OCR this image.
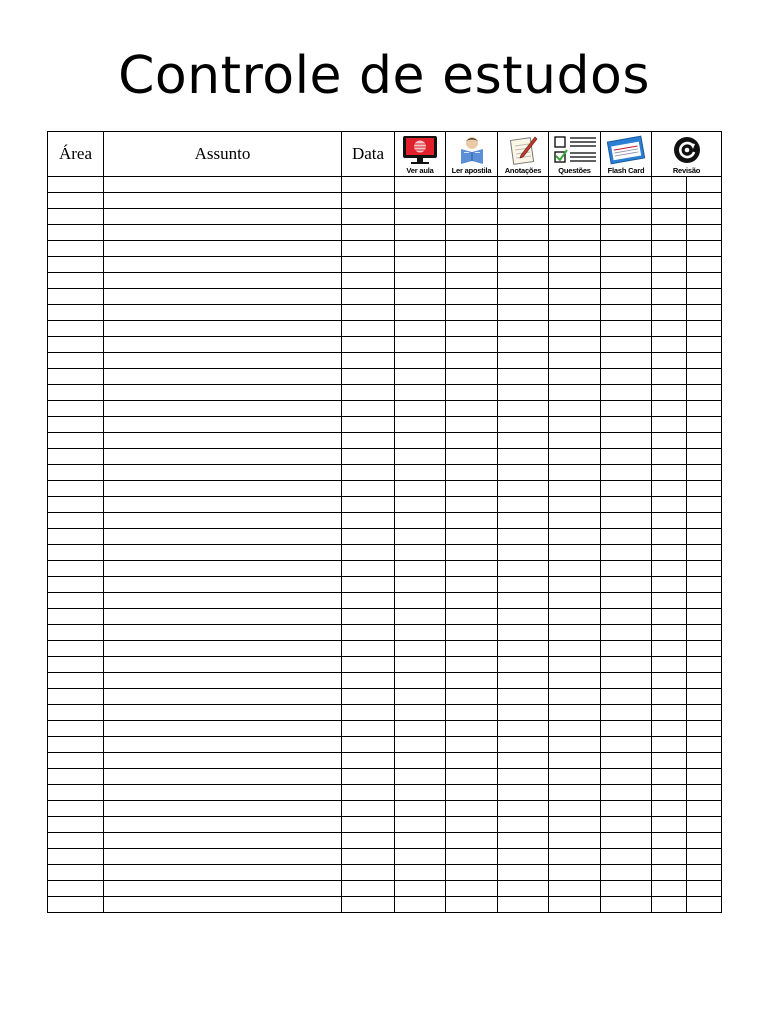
Controle de estudos
Área	Assunto	Data	Ver aula	Ler apostila	Anotações	Questões	Flash Card	Revisão	
